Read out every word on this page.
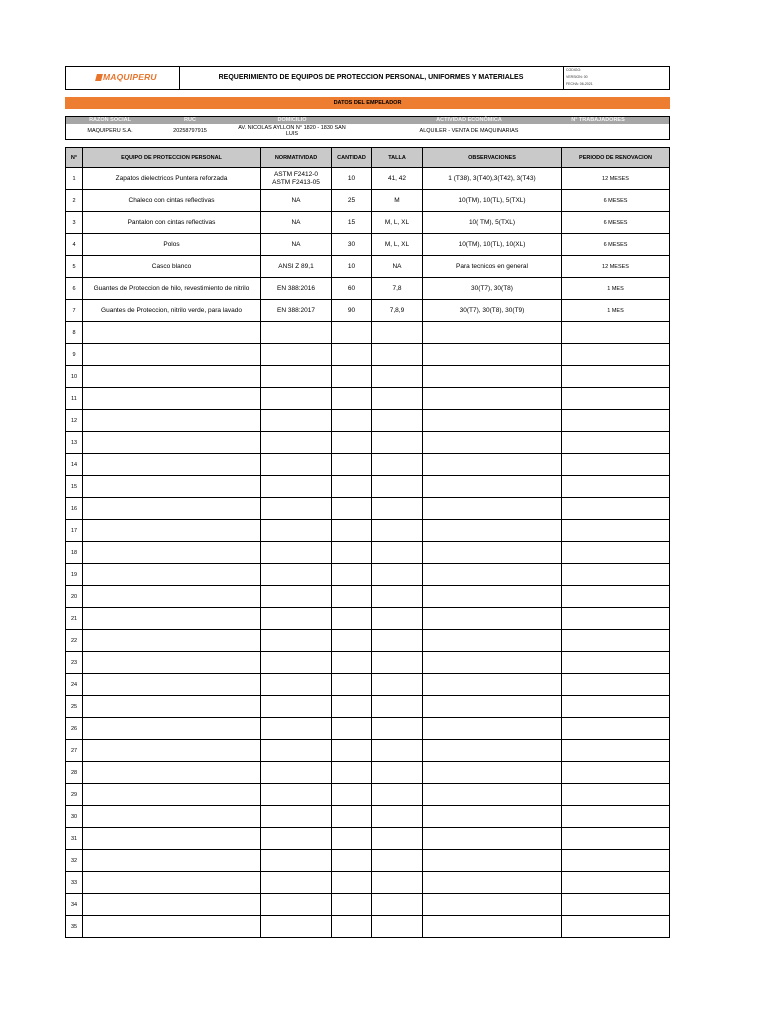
MAQUIPERU	REQUERIMIENTO DE EQUIPOS DE PROTECCION PERSONAL, UNIFORMES Y MATERIALES
CODIGO:
VERSION: 00
FECHA: 06-2021
DATOS DEL EMPELADOR
RAZON SOCIAL	RUC	DOMICILIO	ACTIVIDAD ECONÓMICA	N° TRABAJADORES
MAQUIPERU S.A.	20258797915	AV. NICOLAS AYLLON N° 1820 - 1830 SAN
LUIS	ALQUILER - VENTA DE MAQUINARIAS
N°	EQUIPO DE PROTECCION PERSONAL	NORMATIVIDAD	CANTIDAD	TALLA	OBSERVACIONES	PERIODO DE RENOVACION
1	Zapatos dielectricos Puntera reforzada	ASTM F2412-0
ASTM F2413-05	10	41, 42	1 (T38), 3(T40),3(T42), 3(T43)	12 MESES
2	Chaleco con cintas reflectivas	NA	25	M	10(TM), 10(TL), 5(TXL)	6 MESES
3	Pantalon con cintas reflectivas	NA	15	M, L, XL	10( TM), 5(TXL)	6 MESES
4	Polos	NA	30	M, L, XL	10(TM), 10(TL), 10(XL)	6 MESES
5	Casco blanco	ANSI Z 89,1	10	NA	Para tecnicos en general	12 MESES
6	Guantes de Proteccion de hilo, revestimiento de nitrilo	EN 388:2016	60	7,8	30(T7), 30(T8)	1 MES
7	Guantes de Proteccion, nitrilo verde, para lavado	EN 388:2017	90	7,8,9	30(T7), 30(T8), 30(T9)	1 MES
8		

9		

10		

11		

12		

13		

14		

15		

16		

17		

18		

19		

20		

21		

22		

23		

24		

25		

26		

27		

28		

29		

30		

31		

32		

33		

34		

35		
